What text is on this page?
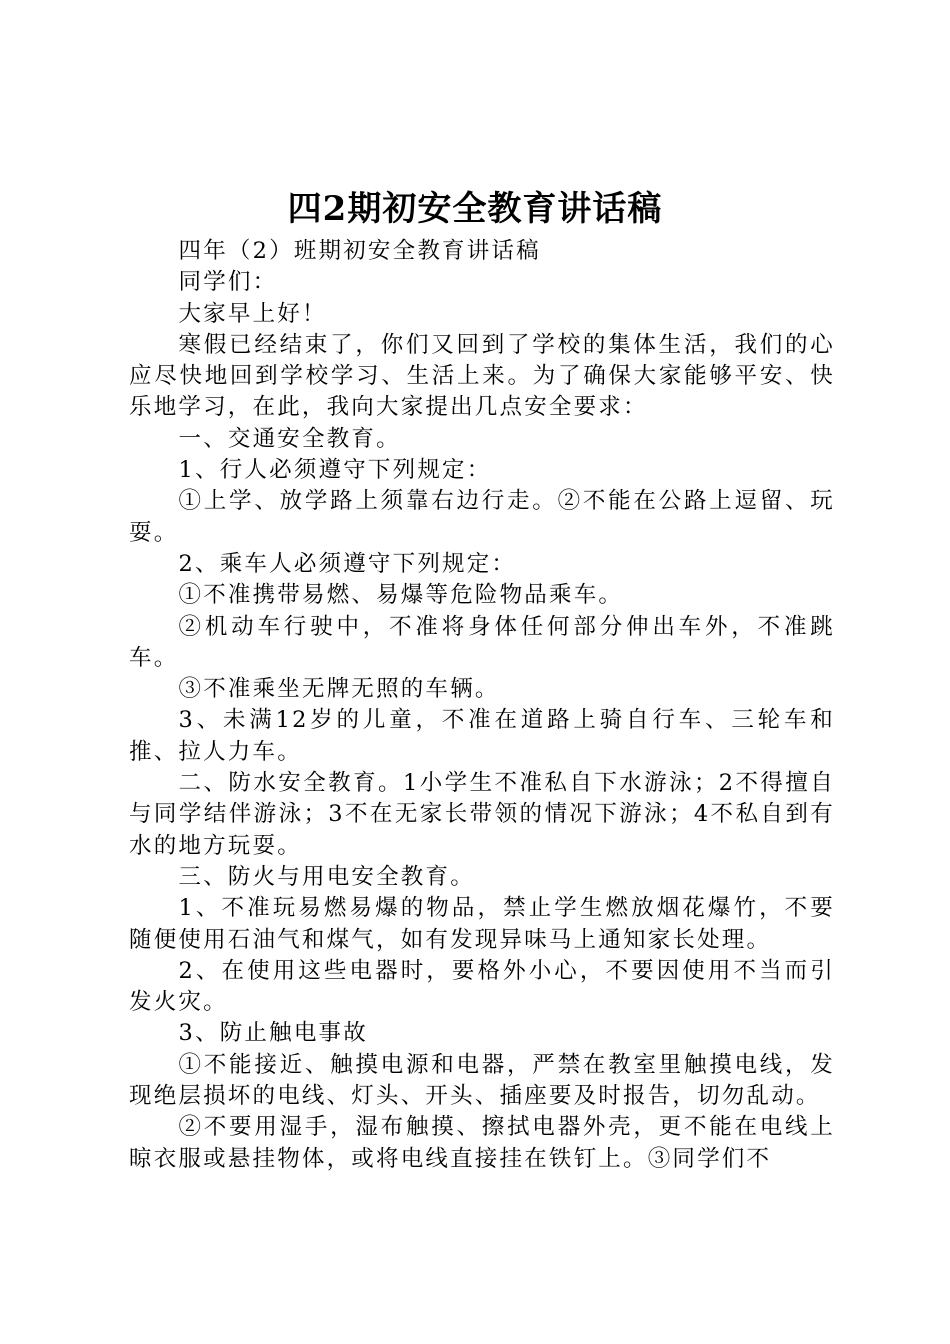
四2期初安全教育讲话稿

四年（2）班期初安全教育讲话稿

同学们：

大家早上好！

寒假已经结束了，你们又回到了学校的集体生活，我们的心应尽快地回到学校学习、生活上来。为了确保大家能够平安、快乐地学习，在此，我向大家提出几点安全要求：

一、交通安全教育。

1、行人必须遵守下列规定：

①上学、放学路上须靠右边行走。②不能在公路上逗留、玩耍。

2、乘车人必须遵守下列规定：

①不准携带易燃、易爆等危险物品乘车。

②机动车行驶中，不准将身体任何部分伸出车外，不准跳车。

③不准乘坐无牌无照的车辆。

3、未满12岁的儿童，不准在道路上骑自行车、三轮车和推、拉人力车。

二、防水安全教育。1小学生不准私自下水游泳；2不得擅自与同学结伴游泳；3不在无家长带领的情况下游泳；4不私自到有水的地方玩耍。

三、防火与用电安全教育。

1、不准玩易燃易爆的物品，禁止学生燃放烟花爆竹，不要随便使用石油气和煤气，如有发现异味马上通知家长处理。

2、在使用这些电器时，要格外小心，不要因使用不当而引发火灾。

3、防止触电事故

①不能接近、触摸电源和电器，严禁在教室里触摸电线，发现绝层损坏的电线、灯头、开头、插座要及时报告，切勿乱动。

②不要用湿手，湿布触摸、擦拭电器外壳，更不能在电线上晾衣服或悬挂物体，或将电线直接挂在铁钉上。③同学们不
